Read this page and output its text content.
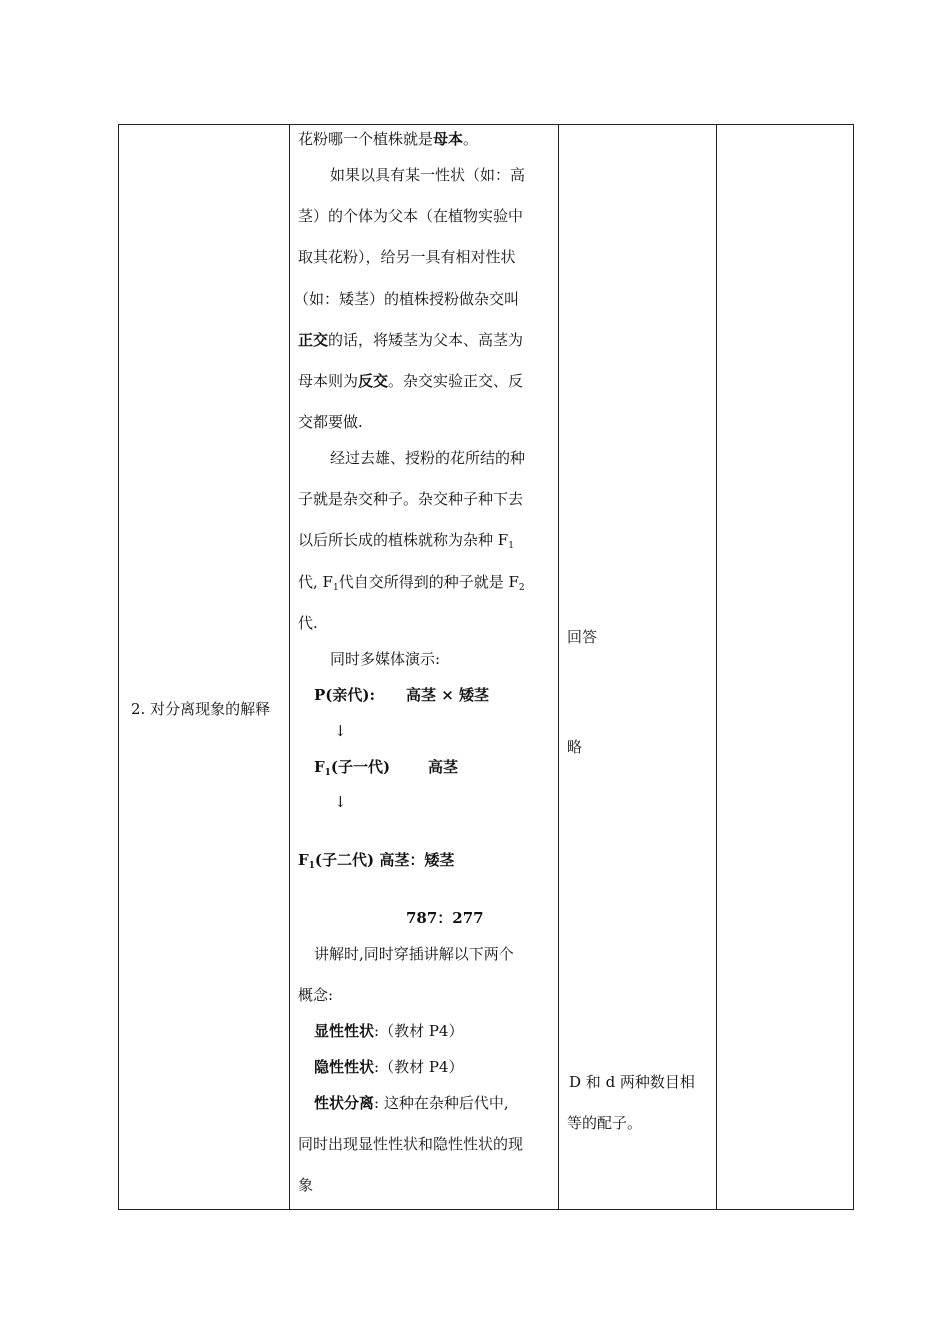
2. 对分离现象的解释
花粉哪一个植株就是母本。
如果以具有某一性状（如：高
茎）的个体为父本（在植物实验中
取其花粉），给另一具有相对性状
（如：矮茎）的植株授粉做杂交叫
正交的话，将矮茎为父本、高茎为
母本则为反交。杂交实验正交、反
交都要做.
经过去雄、授粉的花所结的种
子就是杂交种子。杂交种子种下去
以后所长成的植株就称为杂种 $F_1$
代, $F_1$代自交所得到的种子就是 $F_2$
代.
同时多媒体演示:
P(亲代): 高茎 × 矮茎
↓
$F_1$(子一代)	高茎
↓
$F_1$(子二代) 高茎：矮茎
787：277
讲解时,同时穿插讲解以下两个
概念:
显性性状:（教材 P4）
隐性性状:（教材 P4）
性状分离: 这种在杂种后代中,
同时出现显性性状和隐性性状的现
象
回答
略
D 和 d 两种数目相
等的配子。
